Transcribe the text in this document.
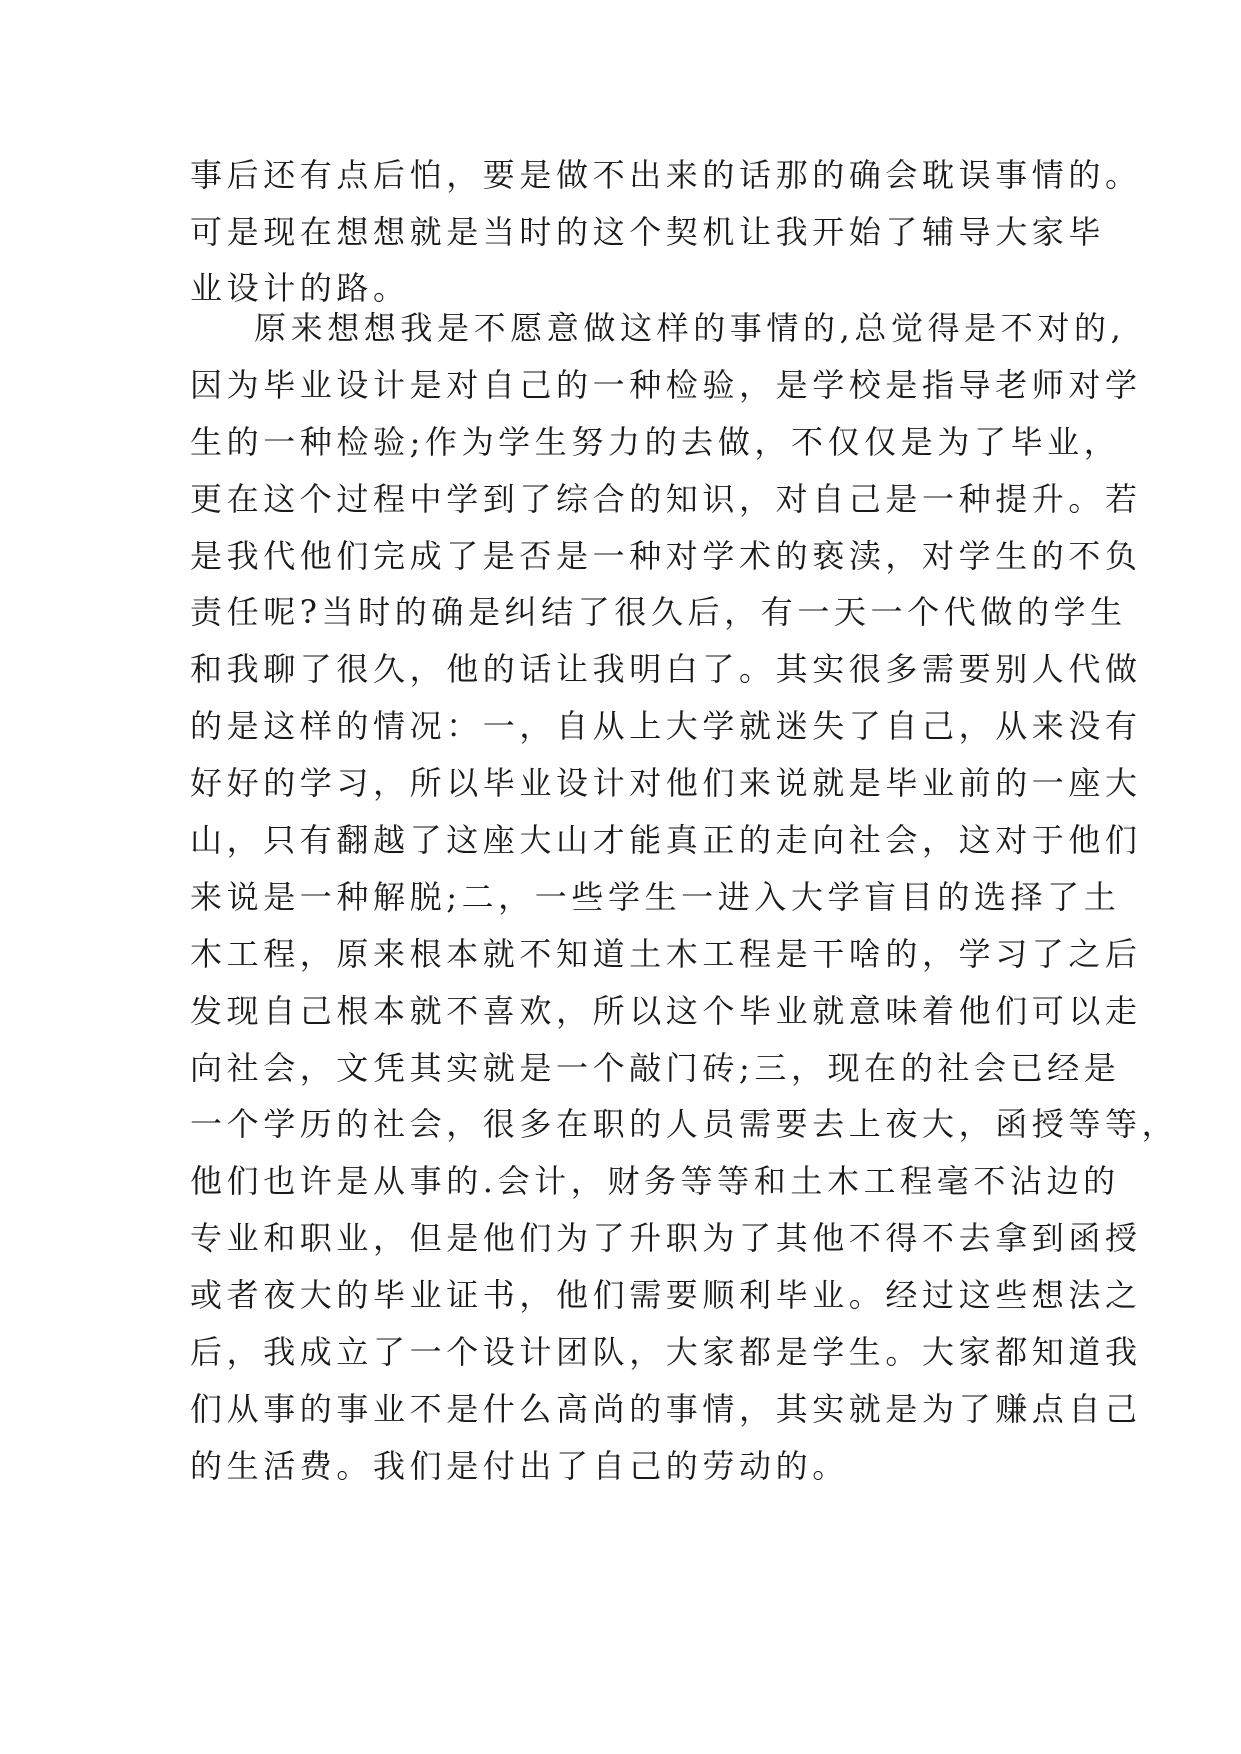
事后还有点后怕，要是做不出来的话那的确会耽误事情的。
可是现在想想就是当时的这个契机让我开始了辅导大家毕
业设计的路。
原来想想我是不愿意做这样的事情的,总觉得是不对的,
因为毕业设计是对自己的一种检验，是学校是指导老师对学
生的一种检验;作为学生努力的去做，不仅仅是为了毕业，
更在这个过程中学到了综合的知识，对自己是一种提升。若
是我代他们完成了是否是一种对学术的亵渎，对学生的不负
责任呢?当时的确是纠结了很久后，有一天一个代做的学生
和我聊了很久，他的话让我明白了。其实很多需要别人代做
的是这样的情况：一，自从上大学就迷失了自己，从来没有
好好的学习，所以毕业设计对他们来说就是毕业前的一座大
山，只有翻越了这座大山才能真正的走向社会，这对于他们
来说是一种解脱;二，一些学生一进入大学盲目的选择了土
木工程，原来根本就不知道土木工程是干啥的，学习了之后
发现自己根本就不喜欢，所以这个毕业就意味着他们可以走
向社会，文凭其实就是一个敲门砖;三，现在的社会已经是
一个学历的社会，很多在职的人员需要去上夜大，函授等等，
他们也许是从事的.会计，财务等等和土木工程毫不沾边的
专业和职业，但是他们为了升职为了其他不得不去拿到函授
或者夜大的毕业证书，他们需要顺利毕业。经过这些想法之
后，我成立了一个设计团队，大家都是学生。大家都知道我
们从事的事业不是什么高尚的事情，其实就是为了赚点自己
的生活费。我们是付出了自己的劳动的。
